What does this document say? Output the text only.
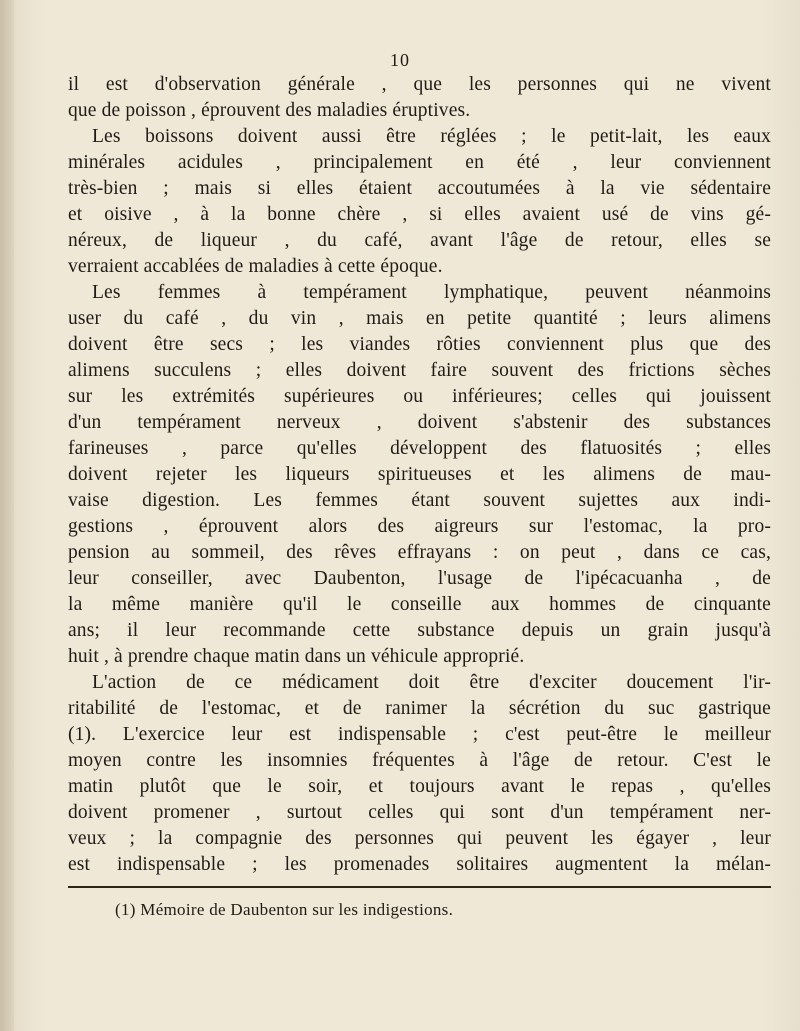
10
il est d'observation générale , que les personnes qui ne vivent
que de poisson , éprouvent des maladies éruptives.
Les boissons doivent aussi être réglées ; le petit-lait, les eaux
minérales acidules , principalement en été , leur conviennent
très-bien ; mais si elles étaient accoutumées à la vie sédentaire
et oisive , à la bonne chère , si elles avaient usé de vins gé-
néreux, de liqueur , du café, avant l'âge de retour, elles se
verraient accablées de maladies à cette époque.
Les femmes à tempérament lymphatique, peuvent néanmoins
user du café , du vin , mais en petite quantité ; leurs alimens
doivent être secs ; les viandes rôties conviennent plus que des
alimens succulens ; elles doivent faire souvent des frictions sèches
sur les extrémités supérieures ou inférieures; celles qui jouissent
d'un tempérament nerveux , doivent s'abstenir des substances
farineuses , parce qu'elles développent des flatuosités ; elles
doivent rejeter les liqueurs spiritueuses et les alimens de mau-
vaise digestion. Les femmes étant souvent sujettes aux indi-
gestions , éprouvent alors des aigreurs sur l'estomac, la pro-
pension au sommeil, des rêves effrayans : on peut , dans ce cas,
leur conseiller, avec Daubenton, l'usage de l'ipécacuanha , de
la même manière qu'il le conseille aux hommes de cinquante
ans; il leur recommande cette substance depuis un grain jusqu'à
huit , à prendre chaque matin dans un véhicule approprié.
L'action de ce médicament doit être d'exciter doucement l'ir-
ritabilité de l'estomac, et de ranimer la sécrétion du suc gastrique
(1). L'exercice leur est indispensable ; c'est peut-être le meilleur
moyen contre les insomnies fréquentes à l'âge de retour. C'est le
matin plutôt que le soir, et toujours avant le repas , qu'elles
doivent promener , surtout celles qui sont d'un tempérament ner-
veux ; la compagnie des personnes qui peuvent les égayer , leur
est indispensable ; les promenades solitaires augmentent la mélan-
(1) Mémoire de Daubenton sur les indigestions.
